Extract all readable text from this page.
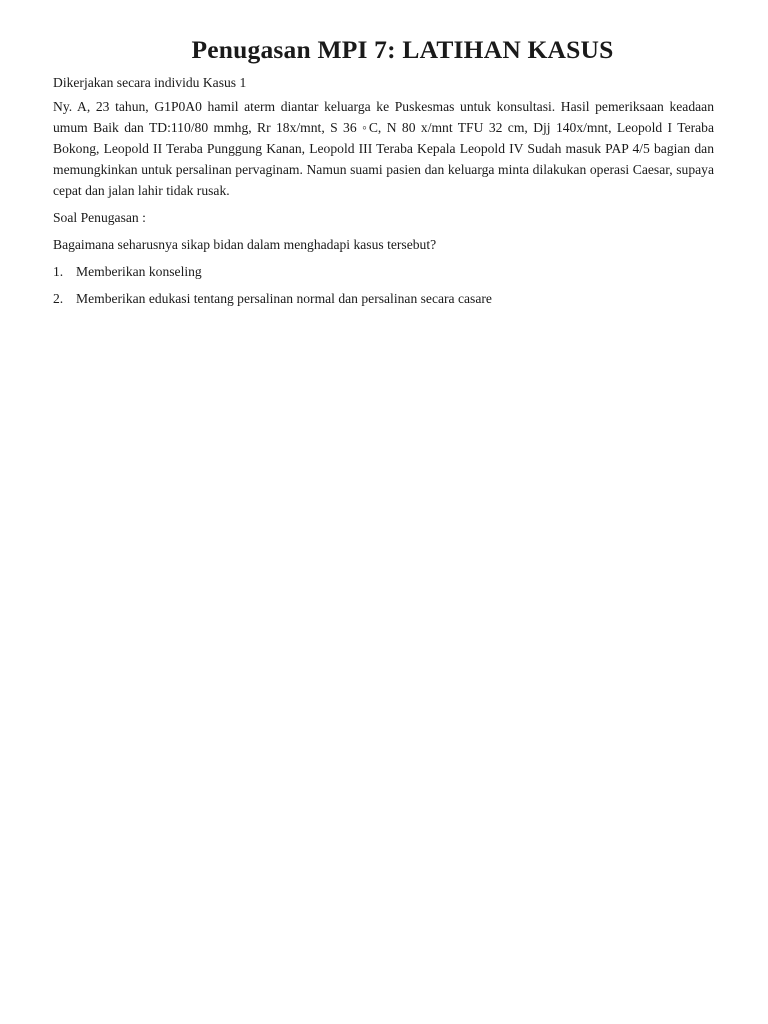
Penugasan MPI 7: LATIHAN KASUS

Dikerjakan secara individu Kasus 1

Ny. A, 23 tahun, G1P0A0 hamil aterm diantar keluarga ke Puskesmas untuk konsultasi. Hasil pemeriksaan keadaan umum Baik dan TD:110/80 mmhg, Rr 18x/mnt, S 36 ◦C, N 80 x/mnt TFU 32 cm, Djj 140x/mnt, Leopold I Teraba Bokong, Leopold II Teraba Punggung Kanan, Leopold III Teraba Kepala Leopold IV Sudah masuk PAP 4/5 bagian dan memungkinkan untuk persalinan pervaginam. Namun suami pasien dan keluarga minta dilakukan operasi Caesar, supaya cepat dan jalan lahir tidak rusak.

Soal Penugasan :

Bagaimana seharusnya sikap bidan dalam menghadapi kasus tersebut?

1. Memberikan konseling
2. Memberikan edukasi tentang persalinan normal dan persalinan secara casare
